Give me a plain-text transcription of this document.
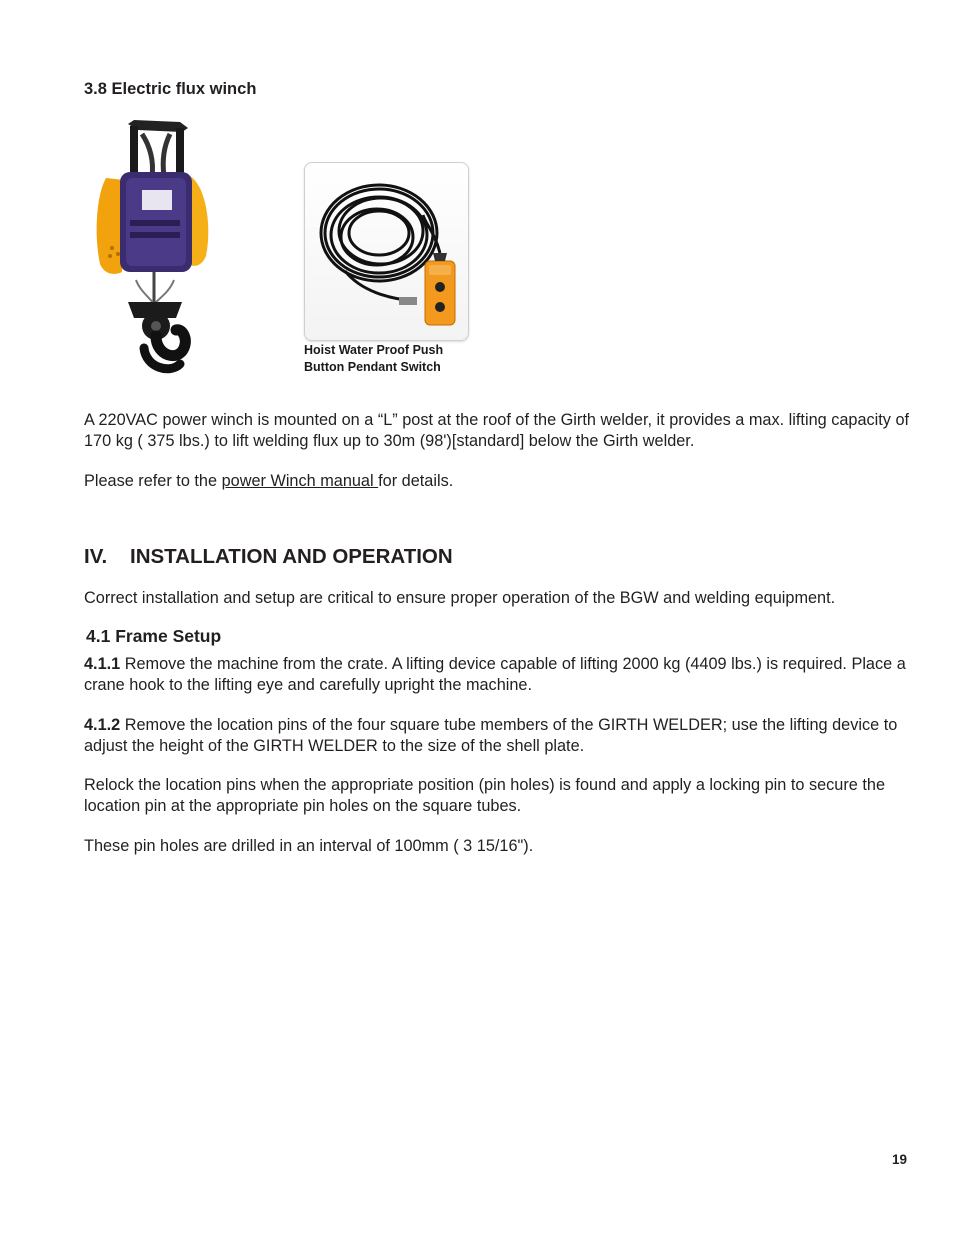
3.8 Electric flux winch
Hoist Water Proof Push
Button Pendant Switch
A 220VAC power winch is mounted on a “L” post at the roof of the Girth welder, it provides a max. lifting capacity of 170 kg ( 375 lbs.) to lift welding flux up to 30m (98')[standard] below the Girth welder.
Please refer to the power Winch manual for details.
IV. INSTALLATION AND OPERATION
Correct installation and setup are critical to ensure proper operation of the BGW and welding equipment.
4.1 Frame Setup
4.1.1 Remove the machine from the crate. A lifting device capable of lifting 2000 kg (4409 lbs.) is required. Place a crane hook to the lifting eye and carefully upright the machine.
4.1.2 Remove the location pins of the four square tube members of the GIRTH WELDER; use the lifting device to adjust the height of the GIRTH WELDER to the size of the shell plate.
Relock the location pins when the appropriate position (pin holes) is found and apply a locking pin to secure the location pin at the appropriate pin holes on the square tubes.
These pin holes are drilled in an interval of 100mm ( 3 15/16").
19
